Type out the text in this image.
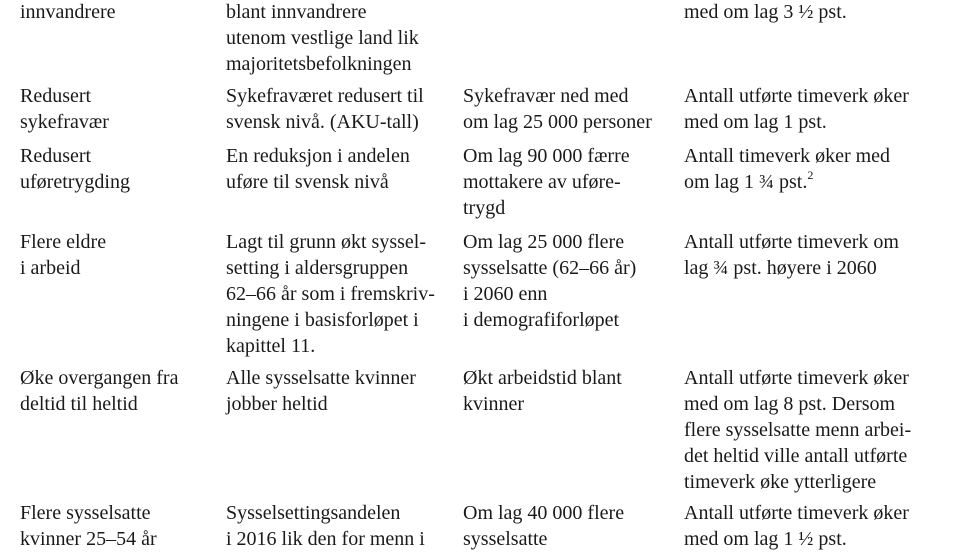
innvandrere	blant innvandrere
utenom vestlige land lik
majoritetsbefolkningen
med om lag 3 ½ pst.
Redusert
sykefravær
Sykefraværet redusert til
svensk nivå. (AKU-tall)
Sykefravær ned med
om lag 25 000 personer
Antall utførte timeverk øker
med om lag 1 pst.
Redusert
uføretrygding
En reduksjon i andelen
uføre til svensk nivå
Om lag 90 000 færre
mottakere av uføre-
trygd
Antall timeverk øker med
om lag 1 ¾ pst.$^2$
Flere eldre
i arbeid
Lagt til grunn økt syssel-
setting i aldersgruppen
62–66 år som i fremskriv-
ningene i basisforløpet i
kapittel 11.
Om lag 25 000 flere
sysselsatte (62–66 år)
i 2060 enn
i demografiforløpet
Antall utførte timeverk om
lag ¾ pst. høyere i 2060
Øke overgangen fra
deltid til heltid
Alle sysselsatte kvinner
jobber heltid
Økt arbeidstid blant
kvinner
Antall utførte timeverk øker
med om lag 8 pst. Dersom
flere sysselsatte menn arbei-
det heltid ville antall utførte
timeverk øke ytterligere
Flere sysselsatte
kvinner 25–54 år
Sysselsettingsandelen
i 2016 lik den for menn i
Om lag 40 000 flere
sysselsatte
Antall utførte timeverk øker
med om lag 1 ½ pst.
